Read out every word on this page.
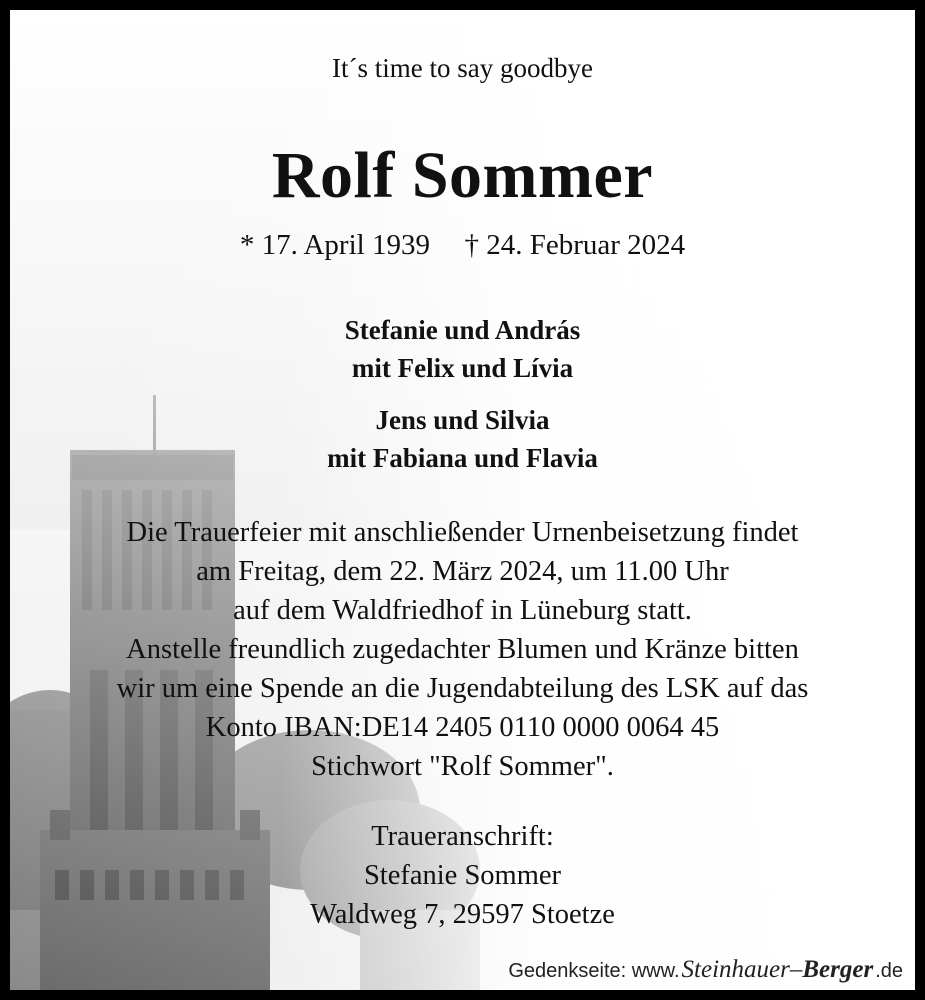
It´s time to say goodbye
Rolf Sommer
* 17. April 1939 † 24. Februar 2024
Stefanie und András
mit Felix und Lívia
Jens und Silvia
mit Fabiana und Flavia
Die Trauerfeier mit anschließender Urnenbeisetzung findet
am Freitag, dem 22. März 2024, um 11.00 Uhr
auf dem Waldfriedhof in Lüneburg statt.
Anstelle freundlich zugedachter Blumen und Kränze bitten
wir um eine Spende an die Jugendabteilung des LSK auf das
Konto IBAN:DE14 2405 0110 0000 0064 45
Stichwort "Rolf Sommer".
Traueranschrift:
Stefanie Sommer
Waldweg 7, 29597 Stoetze
Gedenkseite: www. Steinhauer–Berger .de
